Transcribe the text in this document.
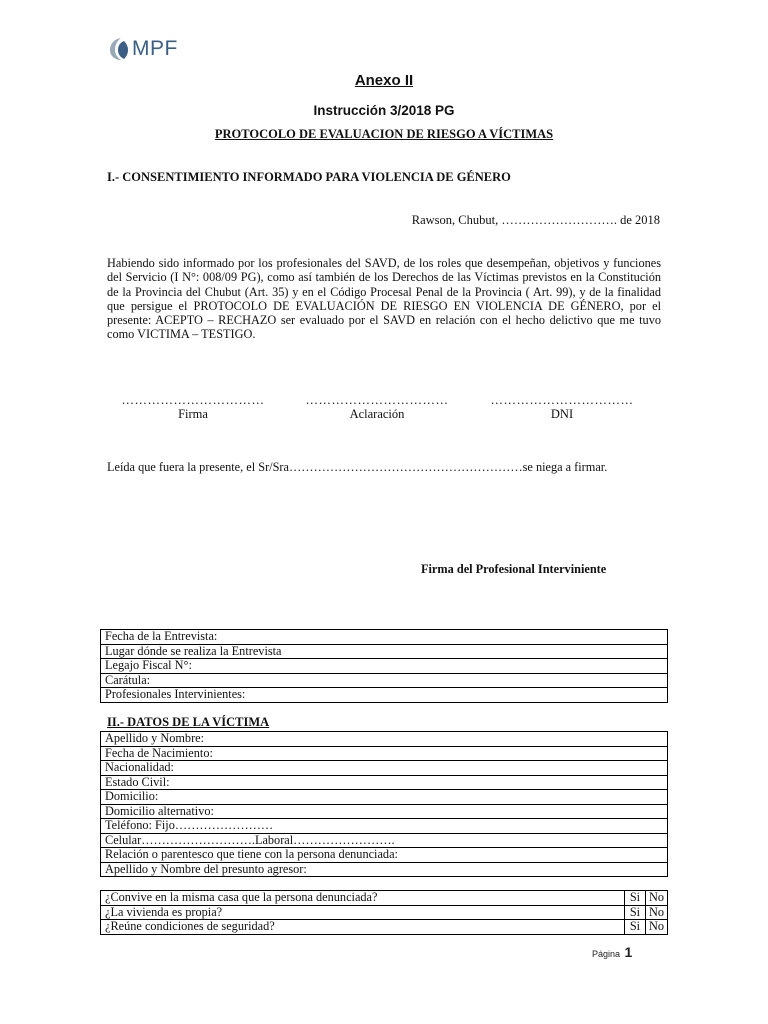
MPF
Anexo II
Instrucción 3/2018 PG
PROTOCOLO DE EVALUACION DE RIESGO A VÍCTIMAS
I.- CONSENTIMIENTO INFORMADO PARA VIOLENCIA DE GÉNERO
Rawson, Chubut, ………………………. de 2018
Habiendo sido informado por los profesionales del SAVD, de los roles que desempeñan, objetivos y funciones del Servicio (I N°: 008/09 PG), como así también de los Derechos de las Víctimas previstos en la Constitución de la Provincia del Chubut (Art. 35) y en el Código Procesal Penal de la Provincia ( Art. 99), y de la finalidad que persigue el PROTOCOLO DE EVALUACIÓN DE RIESGO EN VIOLENCIA DE GÉNERO, por el presente: ACEPTO – RECHAZO ser evaluado por el SAVD en relación con el hecho delictivo que me tuvo como VICTIMA – TESTIGO.
……………………………
Firma
……………………………
Aclaración
……………………………
DNI
Leída que fuera la presente, el Sr/Sra…………………………………………………se niega a firmar.
Firma del Profesional Interviniente
Fecha de la Entrevista:
Lugar dónde se realiza la Entrevista
Legajo Fiscal N°:
Carátula:
Profesionales Intervinientes:
II.- DATOS DE LA VÍCTIMA
Apellido y Nombre:
Fecha de Nacimiento:
Nacionalidad:
Estado Civil:
Domicilio:
Domicilio alternativo:
Teléfono: Fijo……………………
Celular……………………….Laboral…………………….
Relación o parentesco que tiene con la persona denunciada:
Apellido y Nombre del presunto agresor:
¿Convive en la misma casa que la persona denunciada?	Si	No
¿La vivienda es propia?	Si	No
¿Reúne condiciones de seguridad?	Si	No
Página 1
